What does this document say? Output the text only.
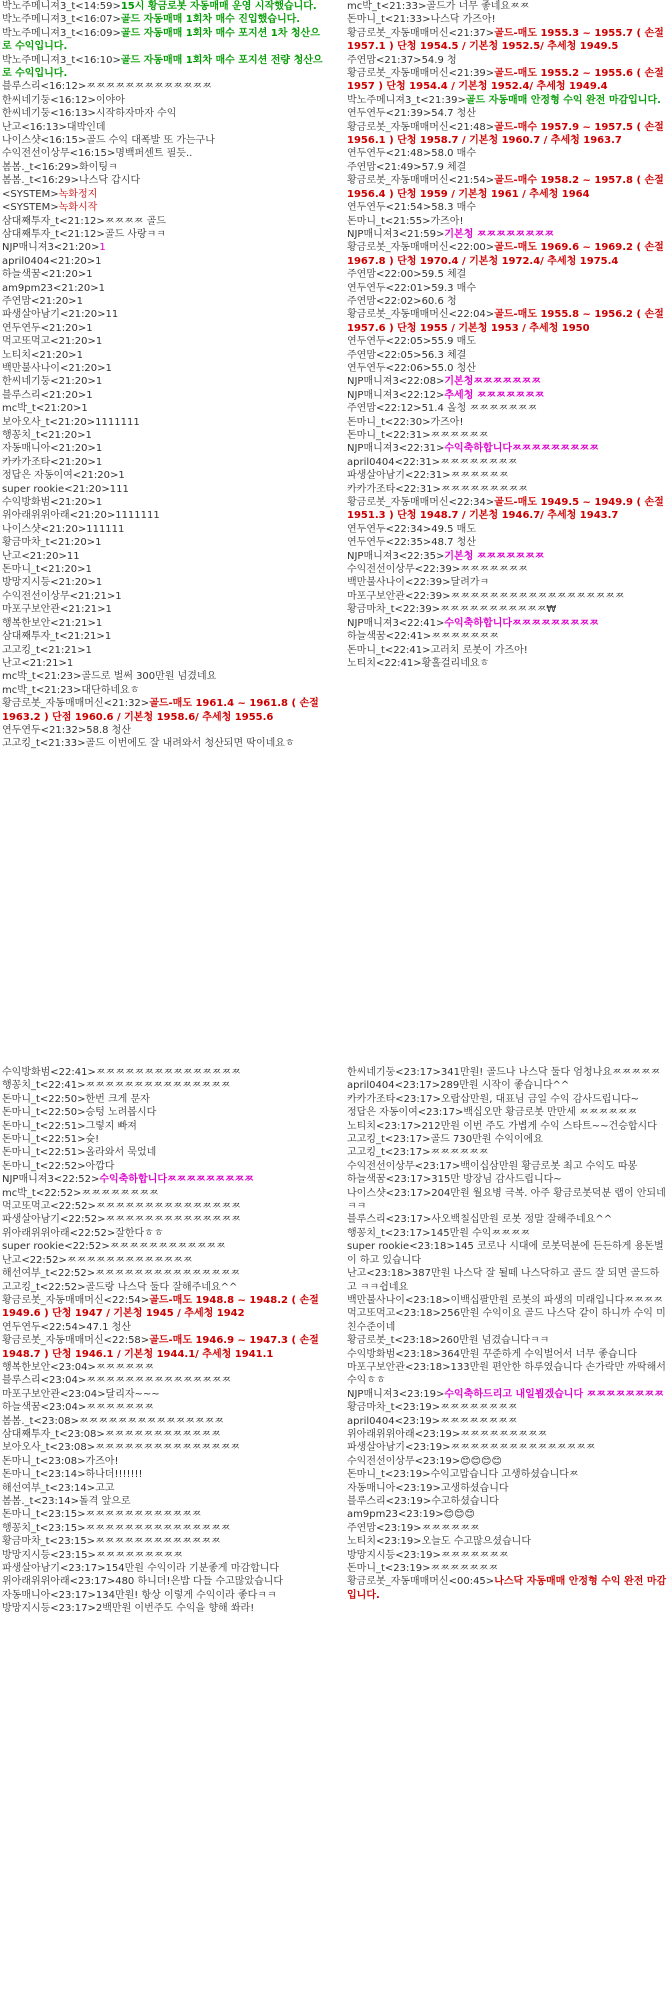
박노주메니져3_t<14:59>15시 황금로봇 자동매매 운영 시작했습니다.
박노주메니져3_t<16:07>골드 자동매매 1회차 매수 진입했습니다.
박노주메니져3_t<16:09>골드 자동매매 1회차 매수 포지션 1차 청산으로 수익입니다.
박노주메니져3_t<16:10>골드 자동매매 1회차 매수 포지션 전량 청산으로 수익입니다.
블루스리<16:12>ㅉㅉㅉㅉㅉㅉㅉㅉㅉㅉㅉㅉㅉ
한씨네기둥<16:12>이야아
한씨네기둥<16:13>시작하자마자 수익
난고<16:13>대박인데
나이스샷<16:15>골드 수익 대폭발 또 가는구나
수익전선이상무<16:15>명백퍼센트 필듯..
봄봄._t<16:29>화이팅ㅋ
봄봄._t<16:29>나스닥 갑시다
<SYSTEM>녹화정지
<SYSTEM>녹화시작
삼대째투자_t<21:12>ㅉㅉㅉㅉ 골드
삼대째투자_t<21:12>골드 사랑ㅋㅋ
NJP매니져3<21:20>1
april0404<21:20>1
하늘색꿈<21:20>1
am9pm23<21:20>1
주연맘<21:20>1
파생살아남기<21:20>11
연두연두<21:20>1
먹고또먹고<21:20>1
노티치<21:20>1
백만불사나이<21:20>1
한씨네기둥<21:20>1
블루스리<21:20>1
mc박_t<21:20>1
보아오사_t<21:20>1111111
행꽁치_t<21:20>1
자동매니아<21:20>1
카카가조타<21:20>1
정답은 자동이여<21:20>1
super rookie<21:20>111
수익방화범<21:20>1
위아래위위아래<21:20>1111111
나이스샷<21:20>111111
황금마차_t<21:20>1
난고<21:20>11
돈마니_t<21:20>1
방망지시등<21:20>1
수익전선이상무<21:21>1
마포구보안관<21:21>1
행복한보안<21:21>1
삼대째투자_t<21:21>1
고고킹_t<21:21>1
난고<21:21>1
mc박_t<21:23>골드로 벌써 300만원 넘겼네요
mc박_t<21:23>대단하네요ㅎ
황금로봇_자동매매머신<21:32>골드-매도 1961.4 ~ 1961.8 ( 손절 1963.2 ) 단점 1960.6 / 기본청 1958.6/ 추세청 1955.6
연두연두<21:32>58.8 청산
고고킹_t<21:33>골드 이번에도 잘 내려와서 청산되면 딱이네요ㅎ
mc박_t<21:33>골드가 너무 좋네요ㅉㅉ
돈마니_t<21:33>나스닥 가즈아!
황금로봇_자동매매머신<21:37>골드-매도 1955.3 ~ 1955.7 ( 손절 1957.1 ) 단청 1954.5 / 기본청 1952.5/ 추세청 1949.5
주연맘<21:37>54.9 청
황금로봇_자동매매머신<21:39>골드-매도 1955.2 ~ 1955.6 ( 손절 1957 ) 단청 1954.4 / 기본청 1952.4/ 추세청 1949.4
박노주메니져3_t<21:39>골드 자동매매 안정형 수익 완전 마감입니다.
연두연두<21:39>54.7 청산
황금로봇_자동매매머신<21:48>골드-매수 1957.9 ~ 1957.5 ( 손절 1956.1 ) 단청 1958.7 / 기본청 1960.7 / 추세청 1963.7
연두연두<21:48>58.0 매수
주연맘<21:49>57.9 체결
황금로봇_자동매매머신<21:54>골드-매수 1958.2 ~ 1957.8 ( 손절 1956.4 ) 단청 1959 / 기본청 1961 / 추세청 1964
연두연두<21:54>58.3 매수
돈마니_t<21:55>가즈아!
NJP매니져3<21:59>기본청 ㅉㅉㅉㅉㅉㅉㅉㅉ
황금로봇_자동매매머신<22:00>골드-매도 1969.6 ~ 1969.2 ( 손절 1967.8 ) 단청 1970.4 / 기본청 1972.4/ 추세청 1975.4
주연맘<22:00>59.5 체결
연두연두<22:01>59.3 매수
주연맘<22:02>60.6 청
황금로봇_자동매매머신<22:04>골드-매도 1955.8 ~ 1956.2 ( 손절 1957.6 ) 단청 1955 / 기본청 1953 / 추세청 1950
연두연두<22:05>55.9 매도
주연맘<22:05>56.3 체결
연두연두<22:06>55.0 청산
NJP매니져3<22:08>기본청ㅉㅉㅉㅉㅉㅉㅉ
NJP매니져3<22:12>추세청 ㅉㅉㅉㅉㅉㅉㅉ
주연맘<22:12>51.4 올청 ㅉㅉㅉㅉㅉㅉㅉ
돈마니_t<22:30>가즈아!
돈마니_t<22:31>ㅉㅉㅉㅉㅉㅉ
NJP매니져3<22:31>수익축하합니다ㅉㅉㅉㅉㅉㅉㅉㅉㅉ
april0404<22:31>ㅉㅉㅉㅉㅉㅉㅉㅉ
파생살아남기<22:31>ㅉㅉㅉㅉㅉㅉ
카카가조타<22:31>ㅉㅉㅉㅉㅉㅉㅉㅉㅉ
황금로봇_자동매매머신<22:34>골드-매도 1949.5 ~ 1949.9 ( 손절 1951.3 ) 단청 1948.7 / 기본청 1946.7/ 추세청 1943.7
연두연두<22:34>49.5 매도
연두연두<22:35>48.7 청산
NJP매니져3<22:35>기본청 ㅉㅉㅉㅉㅉㅉㅉ
수익전선이상무<22:39>ㅉㅉㅉㅉㅉㅉㅉ
백만불사나이<22:39>달려가ㅋ
마포구보안관<22:39>ㅉㅉㅉㅉㅉㅉㅉㅉㅉㅉㅉㅉㅉㅉㅉㅉㅉㅉ
황금마차_t<22:39>ㅉㅉㅉㅉㅉㅉㅉㅉㅉㅉㅉ₩
NJP매니져3<22:41>수익축하합니다ㅉㅉㅉㅉㅉㅉㅉㅉㅉ
하늘색꿈<22:41>ㅉㅉㅉㅉㅉㅉㅉ
돈마니_t<22:41>고러치 로봇이 가즈아!
노티치<22:41>황홀걸리네요ㅎ
수익방화범<22:41>ㅉㅉㅉㅉㅉㅉㅉㅉㅉㅉㅉㅉㅉㅉㅉ
행꽁치_t<22:41>ㅉㅉㅉㅉㅉㅉㅉㅉㅉㅉㅉㅉㅉㅉㅉ
돈마니_t<22:50>한번 크게 문자
돈마니_t<22:50>승텅 노려봅시다
돈마니_t<22:51>그렇지 빠져
돈마니_t<22:51>슛!
돈마니_t<22:51>올라와서 묵었네
돈마니_t<22:52>아깝다
NJP매니져3<22:52>수익축하합니다ㅉㅉㅉㅉㅉㅉㅉㅉㅉ
mc박_t<22:52>ㅉㅉㅉㅉㅉㅉㅉㅉ
먹고또먹고<22:52>ㅉㅉㅉㅉㅉㅉㅉㅉㅉㅉㅉㅉㅉㅉㅉ
파생살아남기<22:52>ㅉㅉㅉㅉㅉㅉㅉㅉㅉㅉㅉㅉㅉㅉ
위아래위위아래<22:52>잘한다ㅎㅎ
super rookie<22:52>ㅉㅉㅉㅉㅉㅉㅉㅉㅉㅉㅉㅉ
난고<22:52>ㅉㅉㅉㅉㅉㅉㅉㅉㅉㅉㅉㅉㅉ
해선여부_t<22:52>ㅉㅉㅉㅉㅉㅉㅉㅉㅉㅉㅉㅉㅉㅉㅉ
고고킹_t<22:52>골드랑 나스닥 둘다 잘해주네요^^
황금로봇_자동매매머신<22:54>골드-매도 1948.8 ~ 1948.2 ( 손절 1949.6 ) 단청 1947 / 기본청 1945 / 추세청 1942
연두연두<22:54>47.1 청산
황금로봇_자동매매머신<22:58>골드-매도 1946.9 ~ 1947.3 ( 손절 1948.7 ) 단청 1946.1 / 기본청 1944.1/ 추세청 1941.1
행복한보안<23:04>ㅉㅉㅉㅉㅉㅉ
블루스리<23:04>ㅉㅉㅉㅉㅉㅉㅉㅉㅉㅉㅉㅉㅉㅉㅉ
마포구보안관<23:04>달리자~~~
하늘색꿈<23:04>ㅉㅉㅉㅉㅉㅉㅉ
봄봄._t<23:08>ㅉㅉㅉㅉㅉㅉㅉㅉㅉㅉㅉㅉㅉㅉㅉ
삼대째투자_t<23:08>ㅉㅉㅉㅉㅉㅉㅉㅉㅉㅉㅉㅉ
보아오사_t<23:08>ㅉㅉㅉㅉㅉㅉㅉㅉㅉㅉㅉㅉㅉㅉㅉ
돈마니_t<23:08>가즈아!
돈마니_t<23:14>하나더!!!!!!!
해선여부_t<23:14>고고
봄봄._t<23:14>돌격 앞으로
돈마니_t<23:15>ㅉㅉㅉㅉㅉㅉㅉㅉㅉㅉㅉㅉ
행꽁치_t<23:15>ㅉㅉㅉㅉㅉㅉㅉㅉㅉㅉㅉㅉㅉㅉㅉ
황금마차_t<23:15>ㅉㅉㅉㅉㅉㅉㅉㅉㅉㅉㅉㅉㅉ
방망지시등<23:15>ㅉㅉㅉㅉㅉㅉㅉㅉㅉ
파생살아남기<23:17>154만원 수익이라 기분좋게 마감합니다
위아래위위아래<23:17>480 하니더!은밥 다들 수고많았습니다
자동매니아<23:17>134만원! 항상 이렇게 수익이라 좋다ㅋㅋ
방망지시등<23:17>2백만원 이번주도 수익을 향해 쏴라!
한씨네기둥<23:17>341만원! 골드나 나스닥 둘다 엄청나요ㅉㅉㅉㅉㅉ
april0404<23:17>289만원 시작이 좋습니다^^
카카가조타<23:17>오랍삽만원, 대표님 금일 수익 감사드립니다~
정답은 자동이여<23:17>백십오만 황금로봇 만만세 ㅉㅉㅉㅉㅉㅉ
노티치<23:17>212만원 이번 주도 가볍게 수익 스타트~~건승합시다
고고킹_t<23:17>골드 730만원 수익이에요
고고킹_t<23:17>ㅉㅉㅉㅉㅉㅉ
수익전선이상무<23:17>백이십삼만원 황금로봇 최고 수익도 따봉
하늘색꿈<23:17>315만 방장님 감사드립니다~
나이스샷<23:17>204만원 월요병 극복. 아주 황금로봇덕분 랩이 안되네ㅋㅋ
블루스리<23:17>사오백칠십만원 로봇 정말 잘해주네요^^
행꽁치_t<23:17>145만원 수익ㅉㅉㅉㅉ
super rookie<23:18>145 코로나 시대에 로봇덕분에 든든하게 용돈벌이 하고 있습니다
난고<23:18>387만원 나스닥 잘 될떼 나스닥하고 골드 잘 되면 골드하고 ㅋㅋ쉽네요
백만불사나이<23:18>이백십팔만원 로봇의 파생의 미래입니다ㅉㅉㅉㅉ
먹고또먹고<23:18>256만원 수익이요 골드 나스닥 같이 하니까 수익 미친수준이네
황금로봇_t<23:18>260만원 넘겼습니다ㅋㅋ
수익방화범<23:18>364만원 꾸준하게 수익벌어서 너무 좋습니다
마포구보안관<23:18>133만원 편안한 하루였습니다 손가락만 까딱해서 수익ㅎㅎ
NJP매니져3<23:19>수익축하드리고 내일뵙겠습니다 ㅉㅉㅉㅉㅉㅉㅉㅉ
황금마차_t<23:19>ㅉㅉㅉㅉㅉㅉㅉㅉ
april0404<23:19>ㅉㅉㅉㅉㅉㅉㅉㅉ
위아래위위아래<23:19>ㅉㅉㅉㅉㅉㅉㅉㅉㅉ
파생살아남기<23:19>ㅉㅉㅉㅉㅉㅉㅉㅉㅉㅉㅉㅉㅉㅉㅉ
수익전선이상무<23:19>😊😊😊😊
돈마니_t<23:19>수익고맙습니다 고생하셨습니다ㅉ
자동매니아<23:19>고생하셨습니다
블루스리<23:19>수고하셨습니다
am9pm23<23:19>😊😊😊
주연맘<23:19>ㅉㅉㅉㅉㅉㅉ
노티치<23:19>오늘도 수고많으셨습니다
방망지시등<23:19>ㅉㅉㅉㅉㅉㅉㅉ
돈마니_t<23:19>ㅉㅉㅉㅉㅉㅉㅉ
황금로봇_자동매매머신<00:45>나스닥 자동매매 안정형 수익 완전 마감입니다.
